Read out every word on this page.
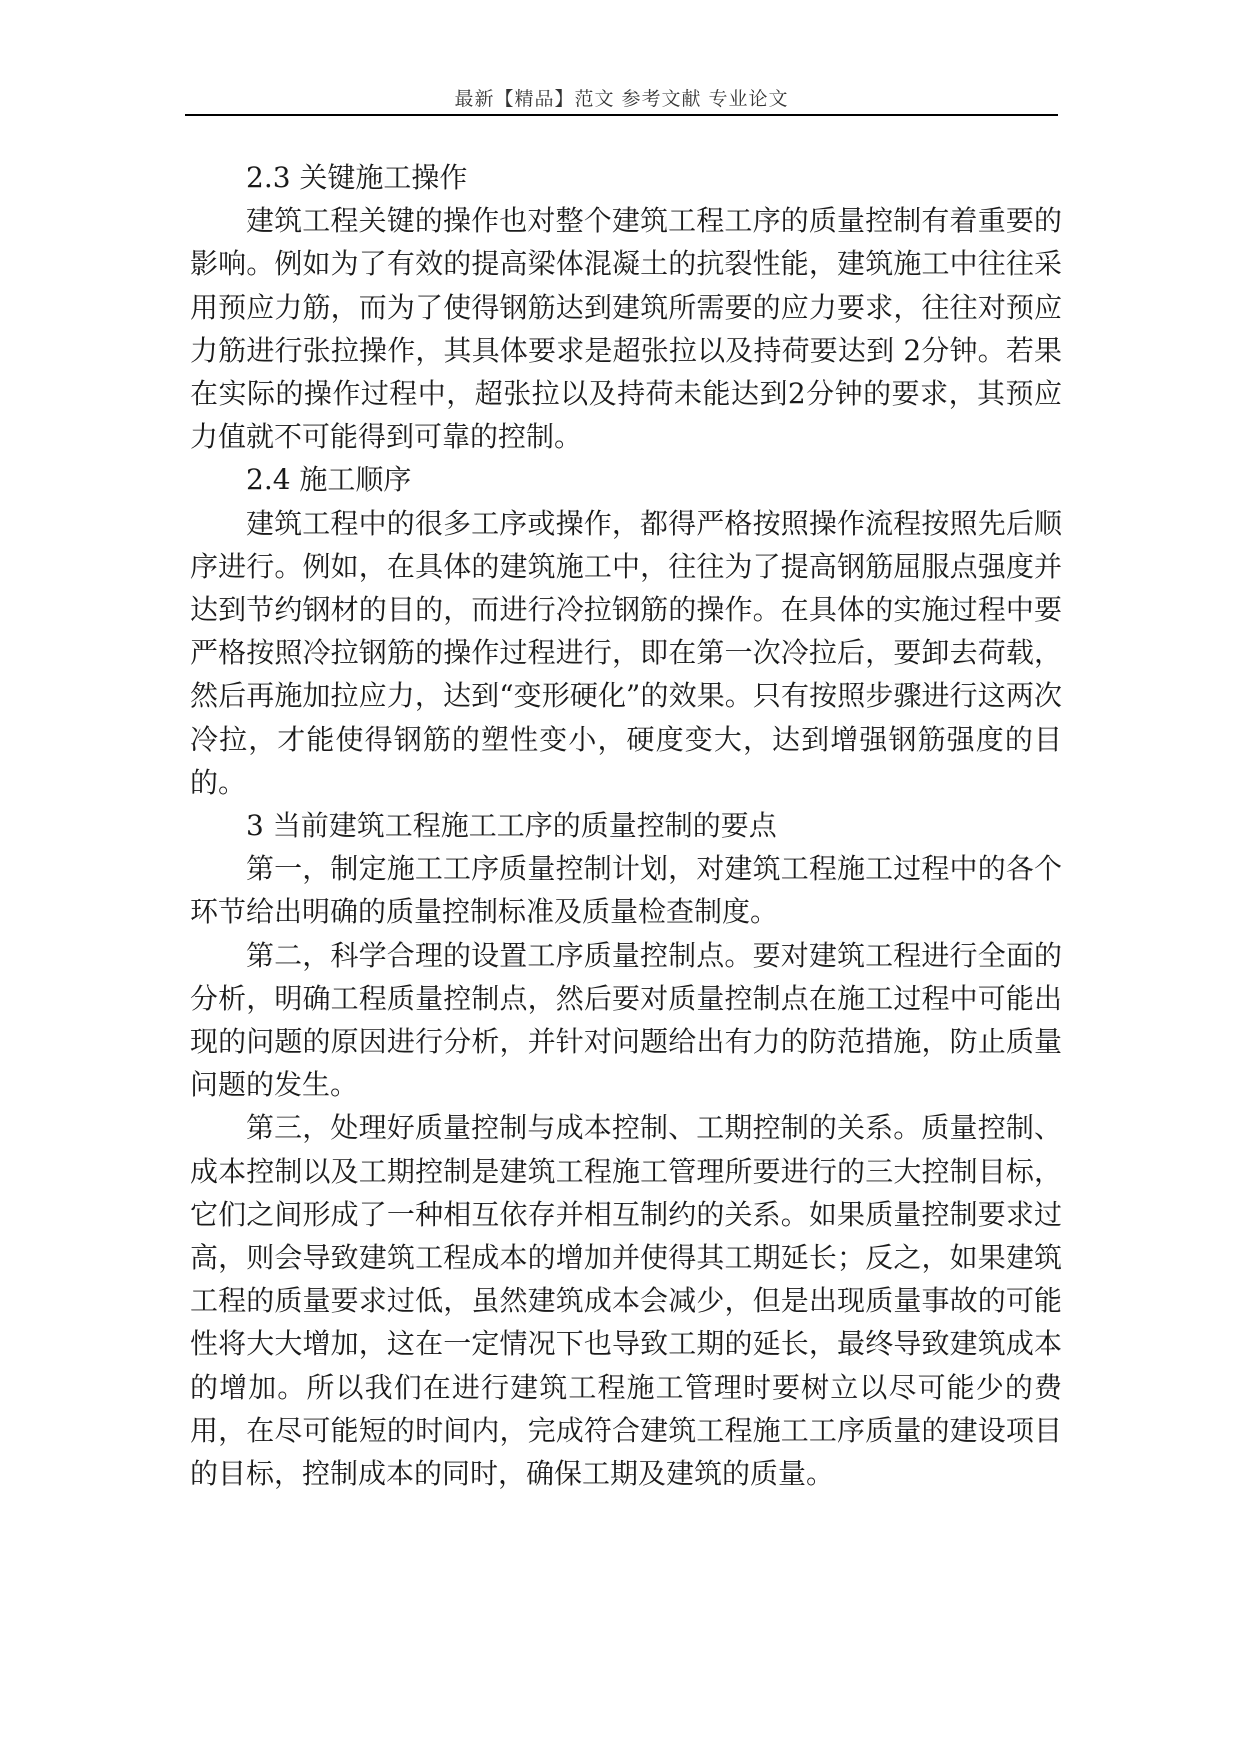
最新【精品】范文 参考文献 专业论文

2.3 关键施工操作

建筑工程关键的操作也对整个建筑工程工序的质量控制有着重要的影响。例如为了有效的提高梁体混凝土的抗裂性能，建筑施工中往往采用预应力筋，而为了使得钢筋达到建筑所需要的应力要求，往往对预应力筋进行张拉操作，其具体要求是超张拉以及持荷要达到 2分钟。若果在实际的操作过程中，超张拉以及持荷未能达到2分钟的要求，其预应力值就不可能得到可靠的控制。

2.4 施工顺序

建筑工程中的很多工序或操作，都得严格按照操作流程按照先后顺序进行。例如，在具体的建筑施工中，往往为了提高钢筋屈服点强度并达到节约钢材的目的，而进行冷拉钢筋的操作。在具体的实施过程中要严格按照冷拉钢筋的操作过程进行，即在第一次冷拉后，要卸去荷载，然后再施加拉应力，达到“变形硬化”的效果。只有按照步骤进行这两次冷拉，才能使得钢筋的塑性变小，硬度变大，达到增强钢筋强度的目的。

3 当前建筑工程施工工序的质量控制的要点

第一，制定施工工序质量控制计划，对建筑工程施工过程中的各个环节给出明确的质量控制标准及质量检查制度。

第二，科学合理的设置工序质量控制点。要对建筑工程进行全面的分析，明确工程质量控制点，然后要对质量控制点在施工过程中可能出现的问题的原因进行分析，并针对问题给出有力的防范措施，防止质量问题的发生。

第三，处理好质量控制与成本控制、工期控制的关系。质量控制、成本控制以及工期控制是建筑工程施工管理所要进行的三大控制目标，它们之间形成了一种相互依存并相互制约的关系。如果质量控制要求过高，则会导致建筑工程成本的增加并使得其工期延长；反之，如果建筑工程的质量要求过低，虽然建筑成本会减少，但是出现质量事故的可能性将大大增加，这在一定情况下也导致工期的延长，最终导致建筑成本的增加。所以我们在进行建筑工程施工管理时要树立以尽可能少的费用，在尽可能短的时间内，完成符合建筑工程施工工序质量的建设项目的目标，控制成本的同时，确保工期及建筑的质量。
